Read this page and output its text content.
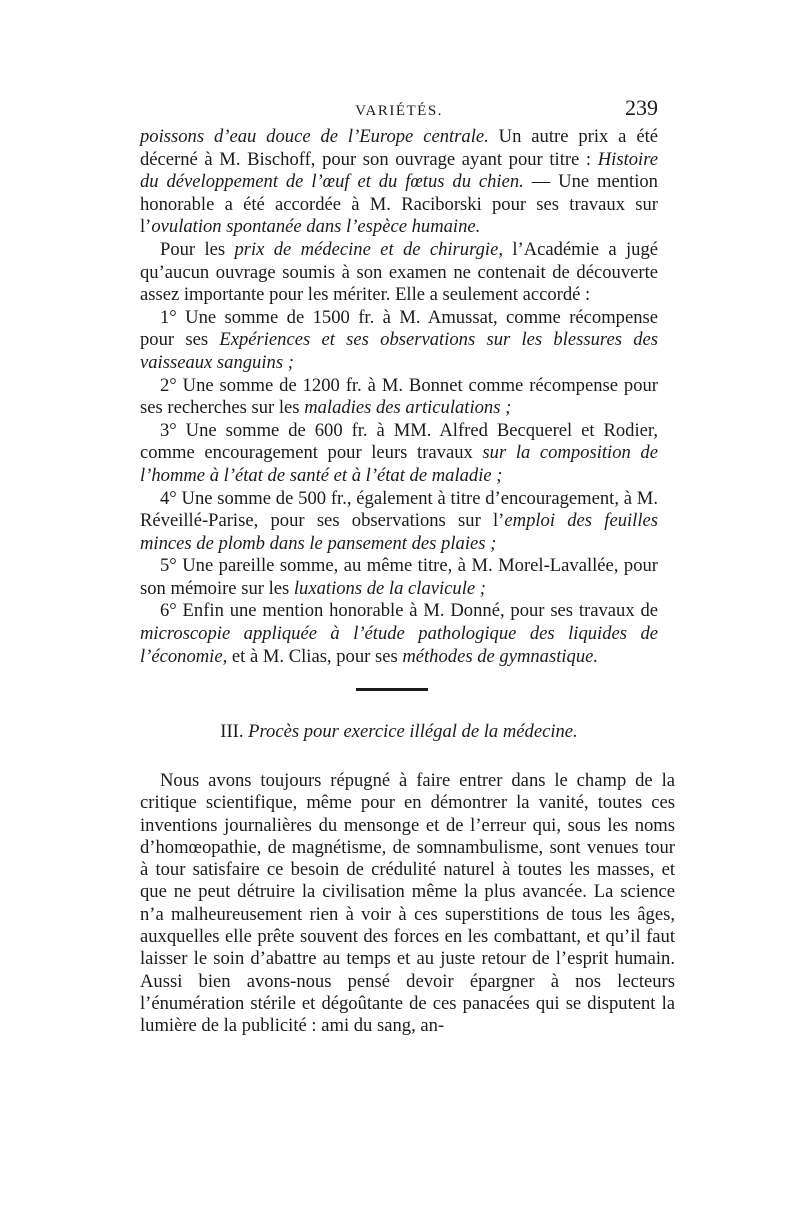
VARIÉTÉS.	239

poissons d’eau douce de l’Europe centrale. Un autre prix a été décerné à M. Bischoff, pour son ouvrage ayant pour titre : Histoire du développement de l’œuf et du fœtus du chien. — Une mention honorable a été accordée à M. Raciborski pour ses travaux sur l’ovulation spontanée dans l’espèce humaine.

Pour les prix de médecine et de chirurgie, l’Académie a jugé qu’aucun ouvrage soumis à son examen ne contenait de découverte assez importante pour les mériter. Elle a seulement accordé :

1° Une somme de 1500 fr. à M. Amussat, comme récompense pour ses Expériences et ses observations sur les blessures des vaisseaux sanguins ;

2° Une somme de 1200 fr. à M. Bonnet comme récompense pour ses recherches sur les maladies des articulations ;

3° Une somme de 600 fr. à MM. Alfred Becquerel et Rodier, comme encouragement pour leurs travaux sur la composition de l’homme à l’état de santé et à l’état de maladie ;

4° Une somme de 500 fr., également à titre d’encouragement, à M. Réveillé-Parise, pour ses observations sur l’emploi des feuilles minces de plomb dans le pansement des plaies ;

5° Une pareille somme, au même titre, à M. Morel-Lavallée, pour son mémoire sur les luxations de la clavicule ;

6° Enfin une mention honorable à M. Donné, pour ses travaux de microscopie appliquée à l’étude pathologique des liquides de l’économie, et à M. Clias, pour ses méthodes de gymnastique.

III. Procès pour exercice illégal de la médecine.

Nous avons toujours répugné à faire entrer dans le champ de la critique scientifique, même pour en démontrer la vanité, toutes ces inventions journalières du mensonge et de l’erreur qui, sous les noms d’homœopathie, de magnétisme, de somnambulisme, sont venues tour à tour satisfaire ce besoin de crédulité naturel à toutes les masses, et que ne peut détruire la civilisation même la plus avancée. La science n’a malheureusement rien à voir à ces superstitions de tous les âges, auxquelles elle prête souvent des forces en les combattant, et qu’il faut laisser le soin d’abattre au temps et au juste retour de l’esprit humain. Aussi bien avons-nous pensé devoir épargner à nos lecteurs l’énumération stérile et dégoûtante de ces panacées qui se disputent la lumière de la publicité : ami du sang, an-
